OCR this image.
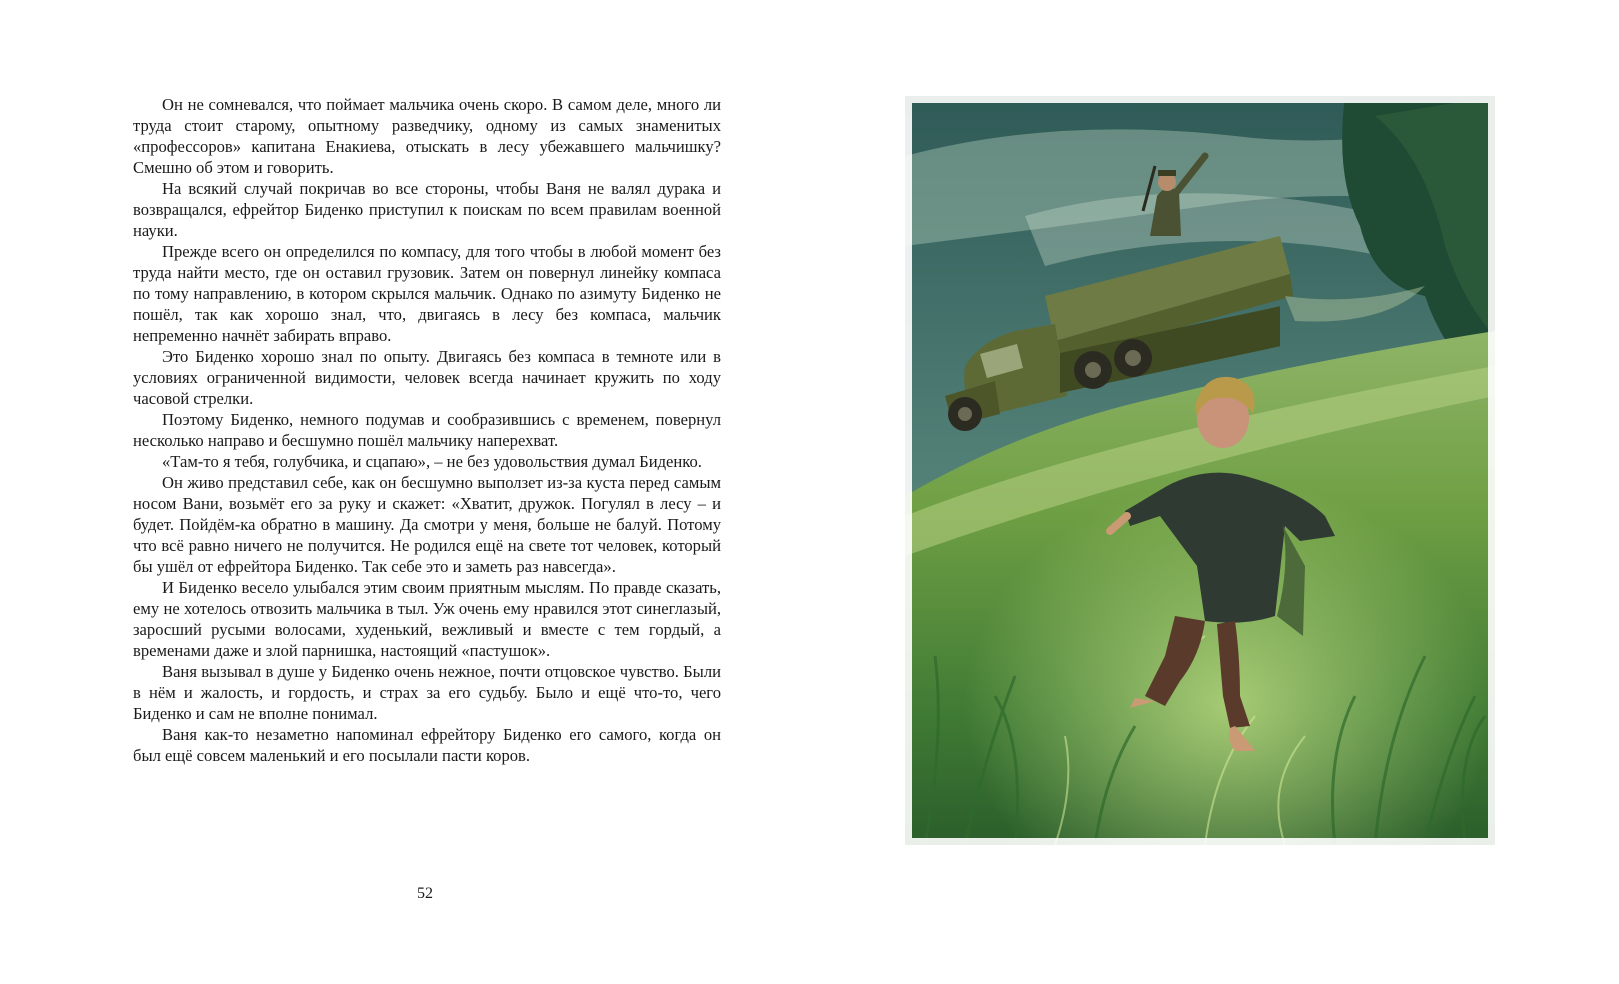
Он не сомневался, что поймает мальчика очень скоро. В самом деле, много ли труда стоит старому, опытному разведчику, одному из самых знаменитых «профессоров» капитана Енакиева, отыскать в лесу убежавшего мальчишку? Смешно об этом и говорить.

На всякий случай покричав во все стороны, чтобы Ваня не валял дурака и возвращался, ефрейтор Биденко приступил к поискам по всем правилам военной науки.

Прежде всего он определился по компасу, для того чтобы в любой момент без труда найти место, где он оставил грузовик. Затем он повернул линейку компаса по тому направлению, в котором скрылся мальчик. Однако по азимуту Биденко не пошёл, так как хорошо знал, что, двигаясь в лесу без компаса, мальчик непременно начнёт забирать вправо.

Это Биденко хорошо знал по опыту. Двигаясь без компаса в темноте или в условиях ограниченной видимости, человек всегда начинает кружить по ходу часовой стрелки.

Поэтому Биденко, немного подумав и сообразившись с временем, повернул несколько направо и бесшумно пошёл мальчику наперехват.

«Там-то я тебя, голубчика, и сцапаю», – не без удовольствия думал Биденко.

Он живо представил себе, как он бесшумно выползет из-за куста перед самым носом Вани, возьмёт его за руку и скажет: «Хватит, дружок. Погулял в лесу – и будет. Пойдём-ка обратно в машину. Да смотри у меня, больше не балуй. Потому что всё равно ничего не получится. Не родился ещё на свете тот человек, который бы ушёл от ефрейтора Биденко. Так себе это и заметь раз навсегда».

И Биденко весело улыбался этим своим приятным мыслям. По правде сказать, ему не хотелось отвозить мальчика в тыл. Уж очень ему нравился этот синеглазый, заросший русыми волосами, худенький, вежливый и вместе с тем гордый, а временами даже и злой парнишка, настоящий «пастушок».

Ваня вызывал в душе у Биденко очень нежное, почти отцовское чувство. Были в нём и жалость, и гордость, и страх за его судьбу. Было и ещё что-то, чего Биденко и сам не вполне понимал.

Ваня как-то незаметно напоминал ефрейтору Биденко его самого, когда он был ещё совсем маленький и его посылали пасти коров.

52
